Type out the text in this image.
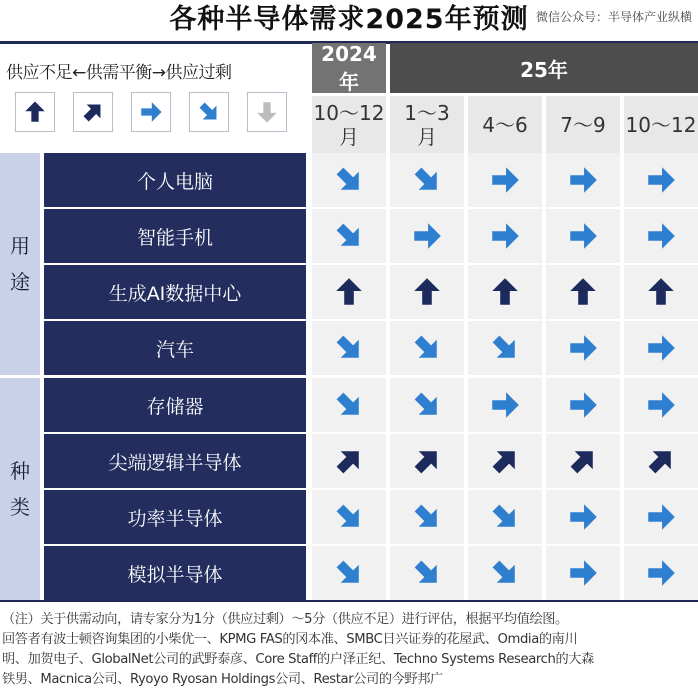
各种半导体需求2025年预测 微信公众号：半导体产业纵横
供应不足←供需平衡→供应过剩
2024年	25年
10～12
月
1～3
月	4～6 7～9 10～12
用
途
种
类
个人电脑
智能手机
生成AI数据中心
汽车
存储器
尖端逻辑半导体
功率半导体
模拟半导体

（注）关于供需动向，请专家分为1分（供应过剩）～5分（供应不足）进行评估，根据平均值绘图。

回答者有波士顿咨询集团的小柴优一、KPMG FAS的冈本准、SMBC日兴证券的花屋武、Omdia的南川

明、加贺电子、GlobalNet公司的武野泰彦、Core Staff的户泽正纪、Techno Systems Research的大森

铁男、Macnica公司、Ryoyo Ryosan Holdings公司、Restar公司的今野邦广
